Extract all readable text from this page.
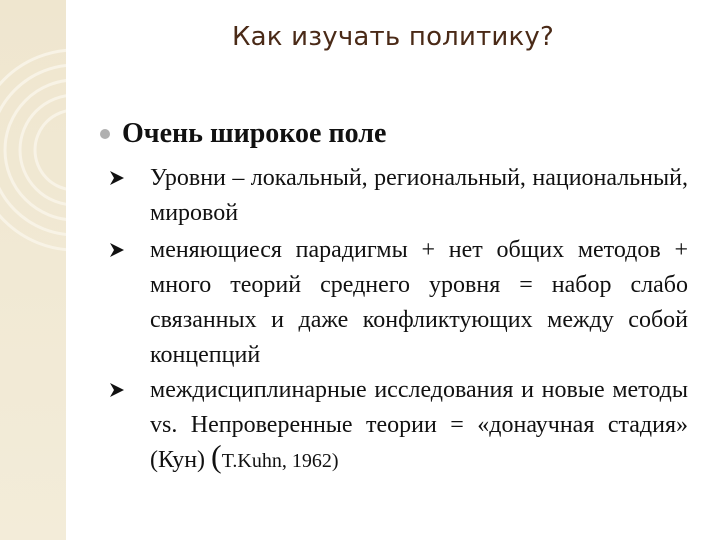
Как изучать политику?
Очень широкое поле
Уровни – локальный, региональный, национальный, мировой
меняющиеся парадигмы + нет общих методов + много теорий среднего уровня = набор слабо связанных и даже конфликтующих между собой концепций
междисциплинарные исследования и новые методы vs. Непроверенные теории = «донаучная стадия» (Кун) (T.Kuhn, 1962)
